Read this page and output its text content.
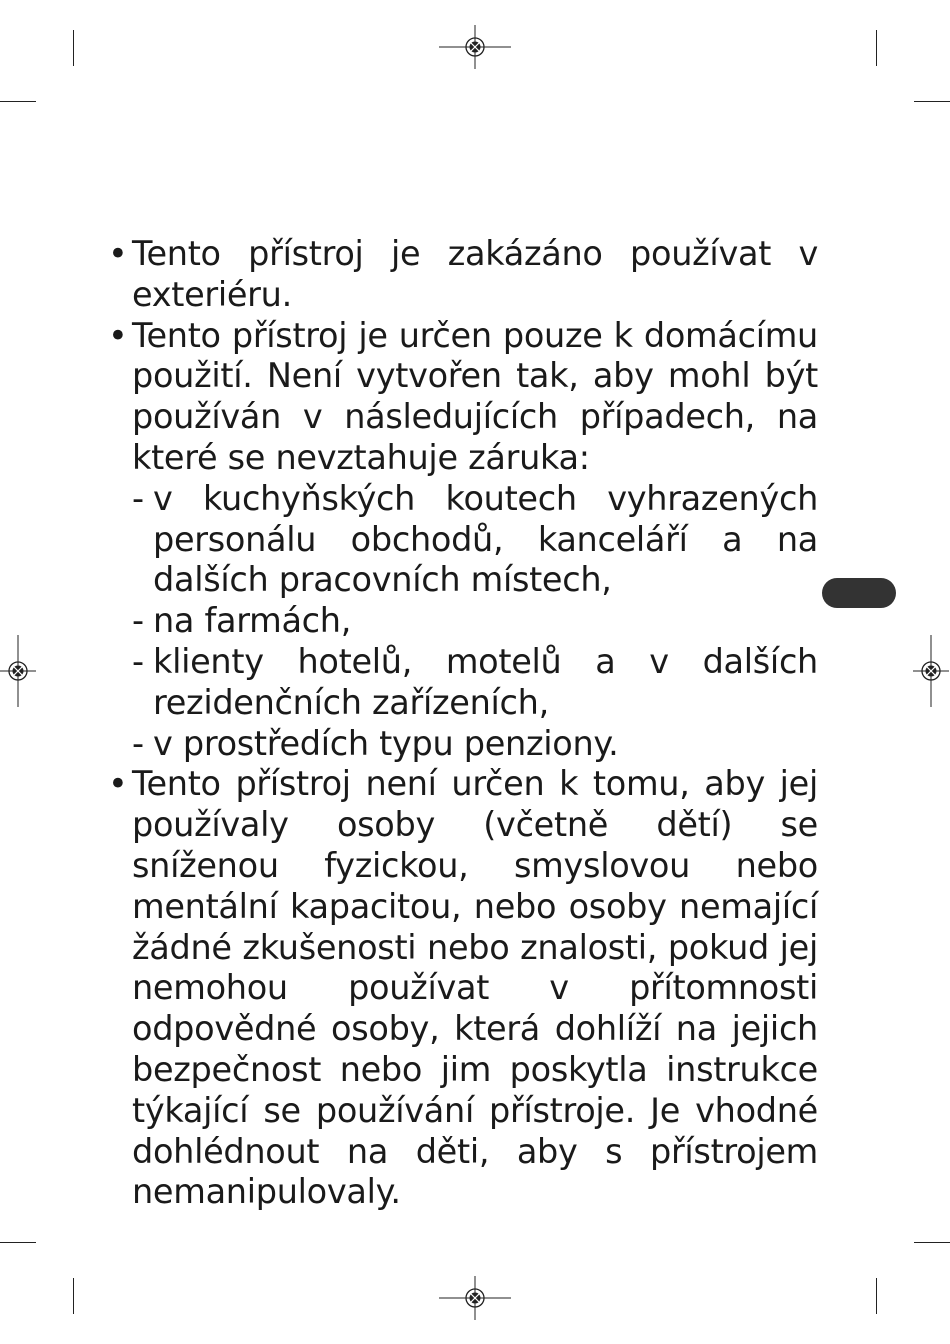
• Tento přístroj je zakázáno používat v exteriéru.
• Tento přístroj je určen pouze k domácímu použití. Není vytvořen tak, aby mohl být používán v následujících případech, na které se nevztahuje záruka:
- v kuchyňských koutech vyhrazených personálu obchodů, kanceláří a na dalších pracovních místech,
- na farmách,
- klienty hotelů, motelů a v dalších rezidenčních zařízeních,
- v prostředích typu penziony.
• Tento přístroj není určen k tomu, aby jej používaly osoby (včetně dětí) se sníženou fyzickou, smyslovou nebo mentální kapacitou, nebo osoby nemající žádné zkušenosti nebo znalosti, pokud jej nemohou používat v přítomnosti odpovědné osoby, která dohlíží na jejich bezpečnost nebo jim poskytla instrukce týkající se používání přístroje. Je vhodné dohlédnout na děti, aby s přístrojem nemanipulovaly.
